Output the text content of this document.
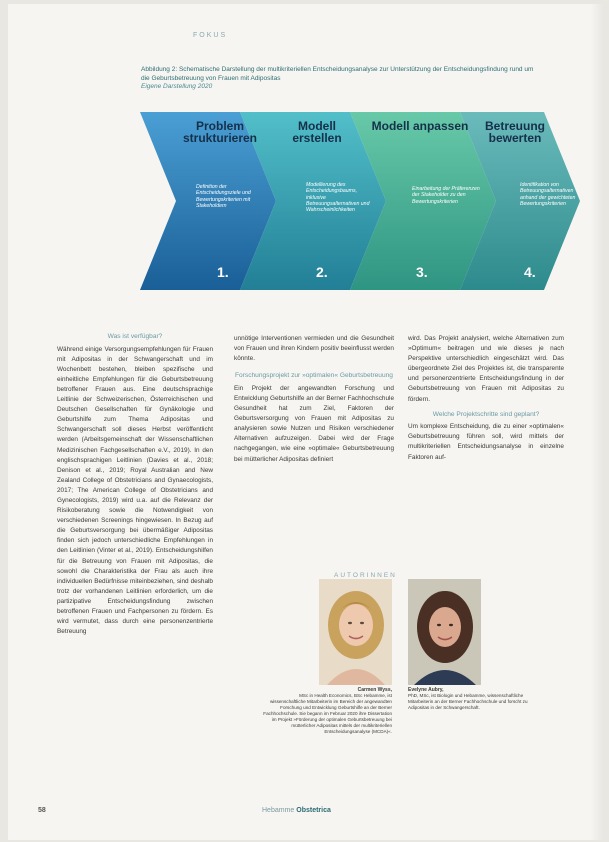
FOKUS
Abbildung 2: Schematische Darstellung der multikriteriellen Entscheidungsanalyse zur Unterstützung der Entscheidungsfindung rund um die Geburtsbetreuung von Frauen mit Adipositas
Eigene Darstellung 2020
Problem strukturieren
Modell erstellen
Modell anpassen	Betreuung bewerten
Definition der Entscheidungsziele und Bewertungskriterien mit Stakeholdern
Modellierung des Entscheidungsbaums, inklusive Betreuungsalternativen und Wahrscheinlichkeiten
Einarbeitung der Präferenzen der Stakeholder zu den Bewertungskriterien
Identifikation von Betreuungsalternativen anhand der gewichteten Bewertungskriterien
1.	2.	3.	4.
Was ist verfügbar?

Während einige Versorgungsempfehlungen für Frauen mit Adipositas in der Schwangerschaft und im Wochenbett bestehen, bleiben spezifische und einheitliche Empfehlungen für die Geburtsbetreuung betroffener Frauen aus. Eine deutschsprachige Leitlinie der Schweizerischen, Österreichischen und Deutschen Gesellschaften für Gynäkologie und Geburtshilfe zum Thema Adipositas und Schwangerschaft soll dieses Herbst veröffentlicht werden (Arbeitsgemeinschaft der Wissenschaftlichen Medizinischen Fachgesellschaften e.V., 2019). In den englischsprachigen Leitlinien (Davies et al., 2018; Denison et al., 2019; Royal Australian and New Zealand College of Obstetricians and Gynaecologists, 2017; The American College of Obstetricians and Gynecologists, 2019) wird u.a. auf die Relevanz der Risikoberatung sowie die Notwendigkeit von verschiedenen Screenings hingewiesen. In Bezug auf die Geburtsversorgung bei übermäßiger Adipositas finden sich jedoch unterschiedliche Empfehlungen in den Leitlinien (Vinter et al., 2019). Entscheidungshilfen für die Betreuung von Frauen mit Adipositas, die sowohl die Charakteristika der Frau als auch ihre individuellen Bedürfnisse miteinbeziehen, sind deshalb trotz der vorhandenen Leitlinien erforderlich, um die partizipative Entscheidungsfindung zwischen betroffenen Frauen und Fachpersonen zu fördern. Es wird vermutet, dass durch eine personenzentrierte Betreuung

unnötige Interventionen vermieden und die Gesundheit von Frauen und ihren Kindern positiv beeinflusst werden könnte.

Forschungsprojekt zur »optimalen« Geburtsbetreuung

Ein Projekt der angewandten Forschung und Entwicklung Geburtshilfe an der Berner Fachhochschule Gesundheit hat zum Ziel, Faktoren der Geburtsversorgung von Frauen mit Adipositas zu analysieren sowie Nutzen und Risiken verschiedener Alternativen aufzuzeigen. Dabei wird der Frage nachgegangen, wie eine »optimale« Geburtsbetreuung bei mütterlicher Adipositas definiert

wird. Das Projekt analysiert, welche Alternativen zum »Optimum« beitragen und wie dieses je nach Perspektive unterschiedlich eingeschätzt wird. Das übergeordnete Ziel des Projektes ist, die transparente und personenzentrierte Entscheidungsfindung in der Geburtsbetreuung von Frauen mit Adipositas zu fördern.

Welche Projektschritte sind geplant?

Um komplexe Entscheidung, die zu einer »optimalen« Geburtsbetreuung führen soll, wird mittels der multikriteriellen Entscheidungsanalyse in einzelne Faktoren auf-

AUTORINNEN
Carmen Wyss,
MSc in Health Economics, BSc Hebamme, ist wissenschaftliche Mitarbeiterin im Bereich der angewandten Forschung und Entwicklung Geburtshilfe an der Berner Fachhochschule. Sie begann im Februar 2020 ihre Dissertation im Projekt »Förderung der optimalen Geburtsbetreuung bei mütterlicher Adipositas mittels der multikriteriellen Entscheidungsanalyse (MCDA)«.
Evelyne Aubry,
PhD, MSc, ist Biologin und Hebamme, wissenschaftliche Mitarbeiterin an der Berner Fachhochschule und forscht zu Adipositas in der Schwangerschaft.
58	Hebamme Obstetrica
